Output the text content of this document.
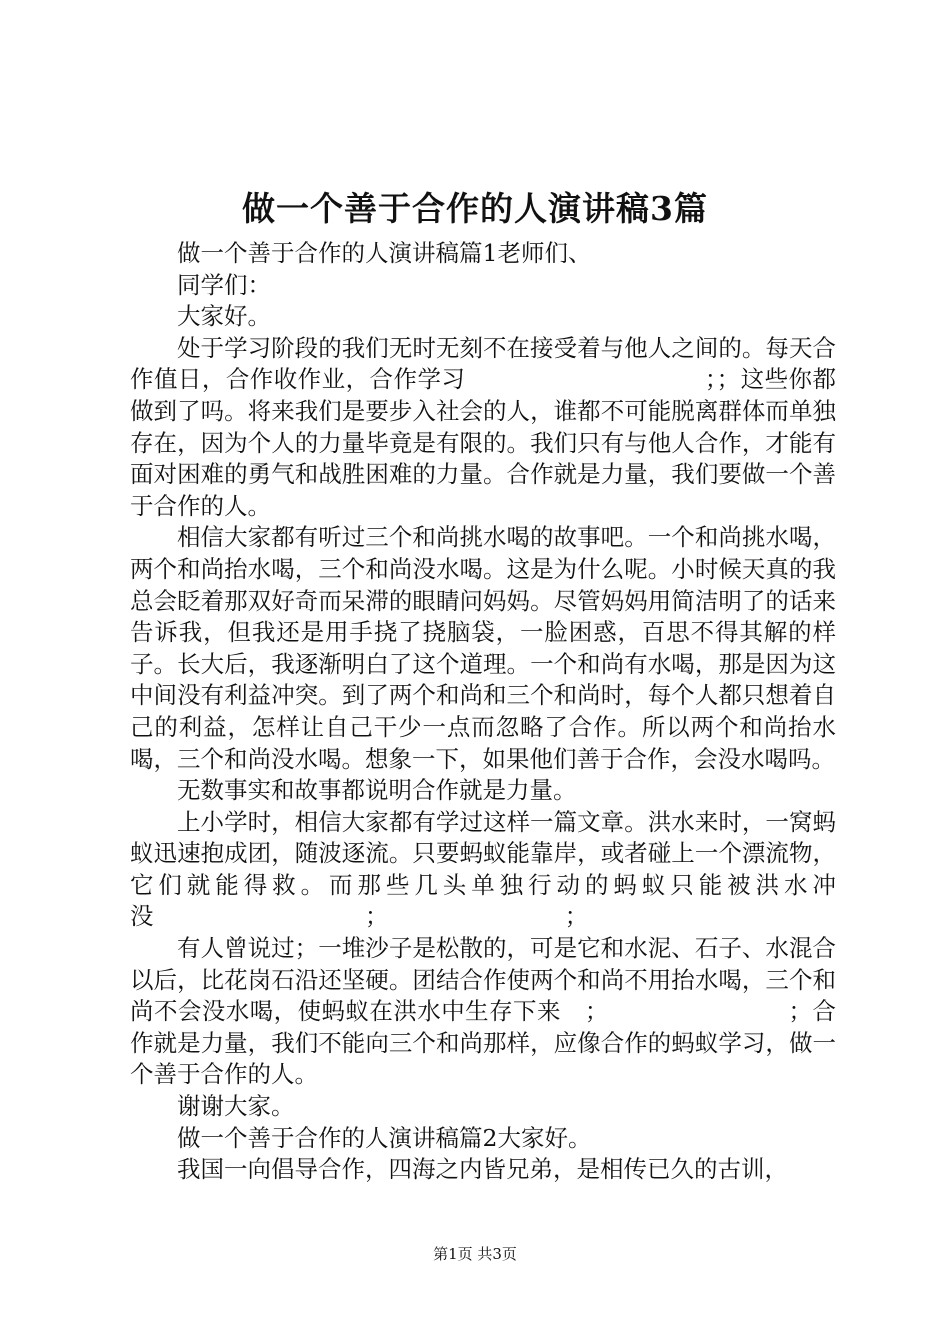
做一个善于合作的人演讲稿3篇

做一个善于合作的人演讲稿篇1老师们、

同学们：

大家好。

处于学习阶段的我们无时无刻不在接受着与他人之间的。每天合作值日，合作收作业，合作学习　　　　　　　　　　；；这些你都做到了吗。将来我们是要步入社会的人，谁都不可能脱离群体而单独存在，因为个人的力量毕竟是有限的。我们只有与他人合作，才能有面对困难的勇气和战胜困难的力量。合作就是力量，我们要做一个善于合作的人。

相信大家都有听过三个和尚挑水喝的故事吧。一个和尚挑水喝，两个和尚抬水喝，三个和尚没水喝。这是为什么呢。小时候天真的我总会眨着那双好奇而呆滞的眼睛问妈妈。尽管妈妈用简洁明了的话来告诉我，但我还是用手挠了挠脑袋，一脸困惑，百思不得其解的样子。长大后，我逐渐明白了这个道理。一个和尚有水喝，那是因为这中间没有利益冲突。到了两个和尚和三个和尚时，每个人都只想着自己的利益，怎样让自己干少一点而忽略了合作。所以两个和尚抬水喝，三个和尚没水喝。想象一下，如果他们善于合作，会没水喝吗。

无数事实和故事都说明合作就是力量。

上小学时，相信大家都有学过这样一篇文章。洪水来时，一窝蚂蚁迅速抱成团，随波逐流。只要蚂蚁能靠岸，或者碰上一个漂流物，它们就能得救。而那些几头单独行动的蚂蚁只能被洪水冲没　　　　　　　　　；　　　　　　　　；

有人曾说过；一堆沙子是松散的，可是它和水泥、石子、水混合以后，比花岗石沿还坚硬。团结合作使两个和尚不用抬水喝，三个和尚不会没水喝，使蚂蚁在洪水中生存下来　；　　　　　　　　；合作就是力量，我们不能向三个和尚那样，应像合作的蚂蚁学习，做一个善于合作的人。

谢谢大家。

做一个善于合作的人演讲稿篇2大家好。

我国一向倡导合作，四海之内皆兄弟，是相传已久的古训，

第1页 共3页
